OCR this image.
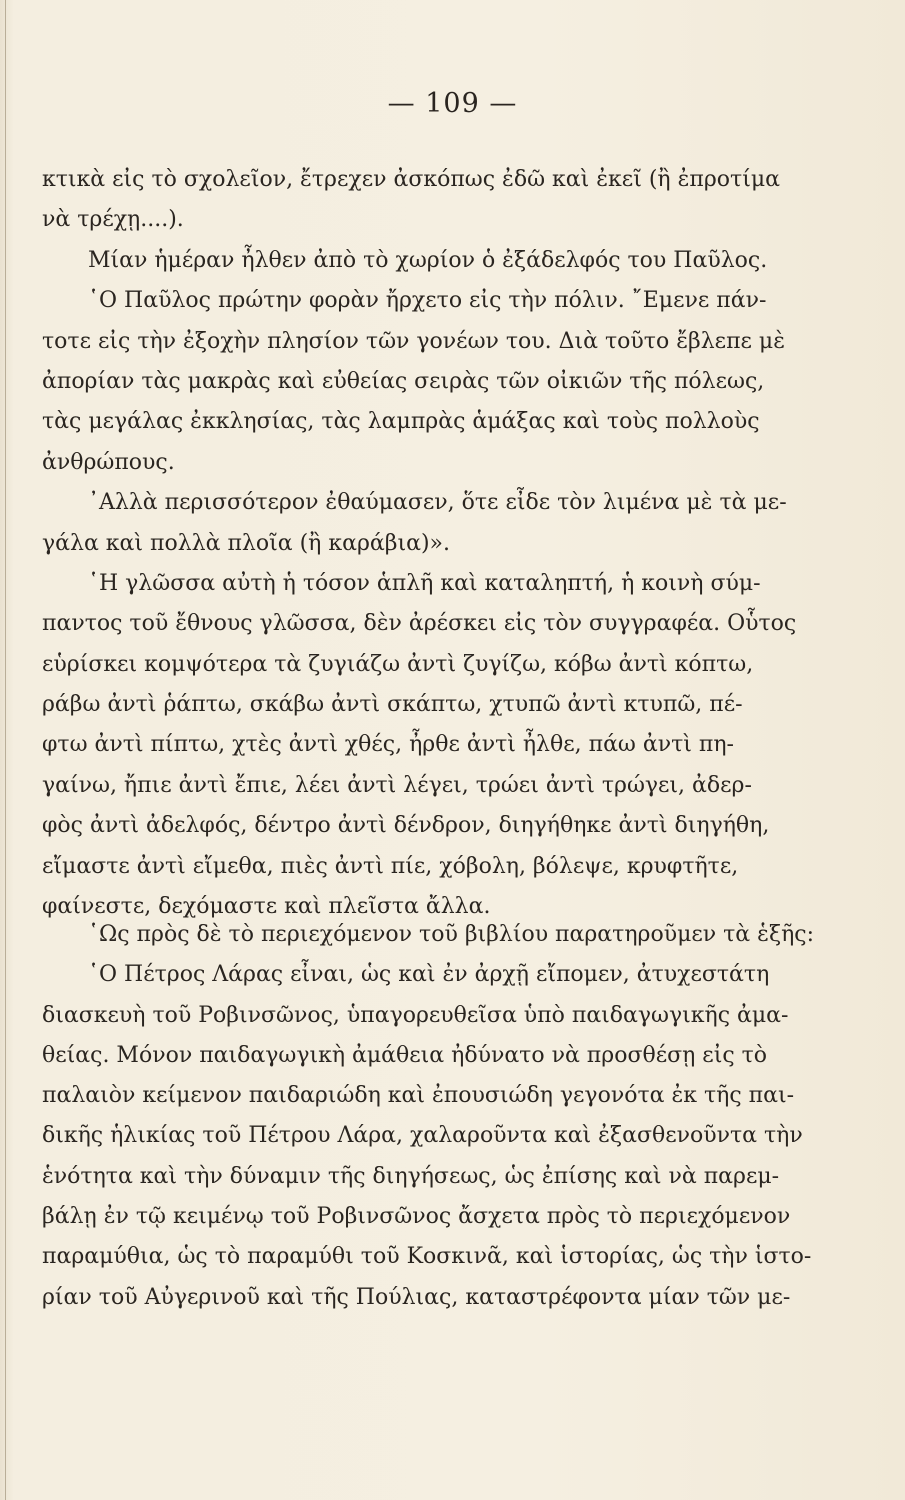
— 109 —
κτικὰ εἰς τὸ σχολεῖον, ἔτρεχεν ἀσκόπως ἐδῶ καὶ ἐκεῖ (ἢ ἐπροτίμα
νὰ τρέχῃ....).
Μίαν ἡμέραν ἦλθεν ἀπὸ τὸ χωρίον ὁ ἐξάδελφός του Παῦλος.
῾Ο Παῦλος πρώτην φορὰν ἤρχετο εἰς τὴν πόλιν. ῎Εμενε πάν-
τοτε εἰς τὴν ἐξοχὴν πλησίον τῶν γονέων του. Διὰ τοῦτο ἔβλεπε μὲ
ἀπορίαν τὰς μακρὰς καὶ εὐθείας σειρὰς τῶν οἰκιῶν τῆς πόλεως,
τὰς μεγάλας ἐκκλησίας, τὰς λαμπρὰς ἁμάξας καὶ τοὺς πολλοὺς
ἀνθρώπους.
᾿Αλλὰ περισσότερον ἐθαύμασεν, ὅτε εἶδε τὸν λιμένα μὲ τὰ με-
γάλα καὶ πολλὰ πλοῖα (ἢ καράβια)».
῾Η γλῶσσα αὐτὴ ἡ τόσον ἁπλῆ καὶ καταληπτή, ἡ κοινὴ σύμ-
παντος τοῦ ἔθνους γλῶσσα, δὲν ἀρέσκει εἰς τὸν συγγραφέα. Οὗτος
εὑρίσκει κομψότερα τὰ ζυγιάζω ἀντὶ ζυγίζω, κόβω ἀντὶ κόπτω,
ράβω ἀντὶ ῥάπτω, σκάβω ἀντὶ σκάπτω, χτυπῶ ἀντὶ κτυπῶ, πέ-
φτω ἀντὶ πίπτω, χτὲς ἀντὶ χθές, ἦρθε ἀντὶ ἦλθε, πάω ἀντὶ πη-
γαίνω, ἤπιε ἀντὶ ἔπιε, λέει ἀντὶ λέγει, τρώει ἀντὶ τρώγει, ἀδερ-
φὸς ἀντὶ ἀδελφός, δέντρο ἀντὶ δένδρον, διηγήθηκε ἀντὶ διηγήθη,
εἴμαστε ἀντὶ εἴμεθα, πιὲς ἀντὶ πίε, χόβολη, βόλεψε, κρυφτῆτε,
φαίνεστε, δεχόμαστε καὶ πλεῖστα ἄλλα.
῾Ως πρὸς δὲ τὸ περιεχόμενον τοῦ βιβλίου παρατηροῦμεν τὰ ἑξῆς:
῾Ο Πέτρος Λάρας εἶναι, ὡς καὶ ἐν ἀρχῇ εἴπομεν, ἀτυχεστάτη
διασκευὴ τοῦ Ροβινσῶνος, ὑπαγορευθεῖσα ὑπὸ παιδαγωγικῆς ἀμα-
θείας. Μόνον παιδαγωγικὴ ἀμάθεια ἠδύνατο νὰ προσθέσῃ εἰς τὸ
παλαιὸν κείμενον παιδαριώδη καὶ ἐπουσιώδη γεγονότα ἐκ τῆς παι-
δικῆς ἡλικίας τοῦ Πέτρου Λάρα, χαλαροῦντα καὶ ἐξασθενοῦντα τὴν
ἑνότητα καὶ τὴν δύναμιν τῆς διηγήσεως, ὡς ἐπίσης καὶ νὰ παρεμ-
βάλῃ ἐν τῷ κειμένῳ τοῦ Ροβινσῶνος ἄσχετα πρὸς τὸ περιεχόμενον
παραμύθια, ὡς τὸ παραμύθι τοῦ Κοσκινᾶ, καὶ ἱστορίας, ὡς τὴν ἱστο-
ρίαν τοῦ Αὐγερινοῦ καὶ τῆς Πούλιας, καταστρέφοντα μίαν τῶν με-
